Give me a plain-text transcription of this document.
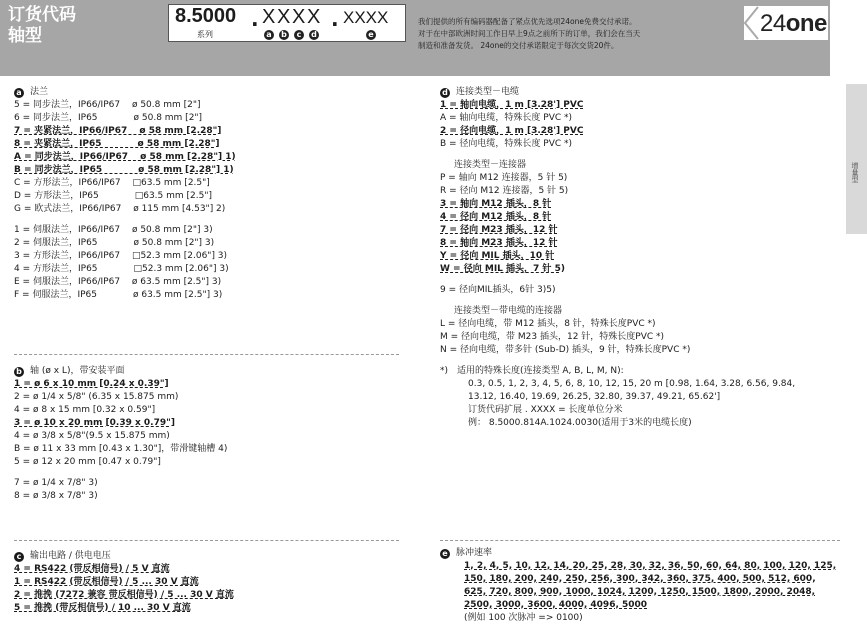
订货代码
轴型
8.5000
系列
. X X X X . XXXX
a b	c	d	e
我们提供的所有编码器配备了紧点优先选项24one免费交付承诺。
对于在中部欧洲时间工作日早上9点之前所下的订单，我们会在当天
制造和准备发货。 24one的交付承诺限定于每次交货20件。
24one
增量型
a 法兰
5 = 同步法兰，IP66/IP67　 ø 50.8 mm [2"]
6 = 同步法兰，IP65　　　　ø 50.8 mm [2"]
7 = 夹紧法兰，IP66/IP67　 ø 58 mm [2.28"]
8 = 夹紧法兰，IP65　　　　ø 58 mm [2.28"]
A = 同步法兰，IP66/IP67　 ø 58 mm [2.28"] 1)
B = 同步法兰，IP65　　　　ø 58 mm [2.28"] 1)
C = 方形法兰，IP66/IP67　 □63.5 mm [2.5"]
D = 方形法兰，IP65　　　　□63.5 mm [2.5"]
G = 欧式法兰，IP66/IP67　 ø 115 mm [4.53"] 2)
1 = 伺服法兰，IP66/IP67　 ø 50.8 mm [2"] 3)
2 = 伺服法兰，IP65　　　　ø 50.8 mm [2"] 3)
3 = 方形法兰，IP66/IP67　 □52.3 mm [2.06"] 3)
4 = 方形法兰，IP65　　　　□52.3 mm [2.06"] 3)
E = 伺服法兰，IP66/IP67　 ø 63.5 mm [2.5"] 3)
F = 伺服法兰，IP65　　　　ø 63.5 mm [2.5"] 3)
b 轴 (ø x L)，带安装平面
1 = ø 6 x 10 mm [0.24 x 0.39"]
2 = ø 1/4 x 5/8" (6.35 x 15.875 mm)
4 = ø 8 x 15 mm [0.32 x 0.59"]
3 = ø 10 x 20 mm [0.39 x 0.79"]
4 = ø 3/8 x 5/8"(9.5 x 15.875 mm)
B = ø 11 x 33 mm [0.43 x 1.30"]，带滑键轴槽 4)
5 = ø 12 x 20 mm [0.47 x 0.79"]
7 = ø 1/4 x 7/8" 3)
8 = ø 3/8 x 7/8" 3)
c 输出电路 / 供电电压
4 = RS422 (带反相信号) / 5 V 直流
1 = RS422 (带反相信号) / 5 ... 30 V 直流
2 = 推挽 (7272 兼容 带反相信号) / 5 ... 30 V 直流
5 = 推挽 (带反相信号) / 10 ... 30 V 直流
d 连接类型－电缆
1 = 轴向电缆，1 m [3.28'] PVC
A = 轴向电缆，特殊长度 PVC *)
2 = 径向电缆，1 m [3.28'] PVC
B = 径向电缆，特殊长度 PVC *)
连接类型－连接器
P = 轴向 M12 连接器，5 针 5)
R = 径向 M12 连接器，5 针 5)
3 = 轴向 M12 插头，8 针
4 = 径向 M12 插头，8 针
7 = 径向 M23 插头，12 针
8 = 轴向 M23 插头，12 针
Y = 径向 MIL 插头，10 针
W = 径向 MIL 插头，7 针 5)
9 = 径向MIL插头，6针 3)5)
连接类型－带电缆的连接器
L = 径向电缆，带 M12 插头，8 针，特殊长度PVC *)
M = 径向电缆，带 M23 插头，12 针，特殊长度PVC *)
N = 径向电缆，带多针 (Sub-D) 插头，9 针，特殊长度PVC *)
*)　适用的特殊长度(连接类型 A, B, L, M, N):
0.3, 0.5, 1, 2, 3, 4, 5, 6, 8, 10, 12, 15, 20 m [0.98, 1.64, 3.28, 6.56, 9.84,
13.12, 16.40, 19.69, 26.25, 32.80, 39.37, 49.21, 65.62']
订货代码扩展 . XXXX = 长度单位分米
例： 8.5000.814A.1024.0030(适用于3米的电缆长度)
e 脉冲速率
1, 2, 4, 5, 10, 12, 14, 20, 25, 28, 30, 32, 36, 50, 60, 64, 80, 100, 120, 125,
150, 180, 200, 240, 250, 256, 300, 342, 360, 375, 400, 500, 512, 600,
625, 720, 800, 900, 1000, 1024, 1200, 1250, 1500, 1800, 2000, 2048,
2500, 3000, 3600, 4000, 4096, 5000
(例如 100 次脉冲 => 0100)
